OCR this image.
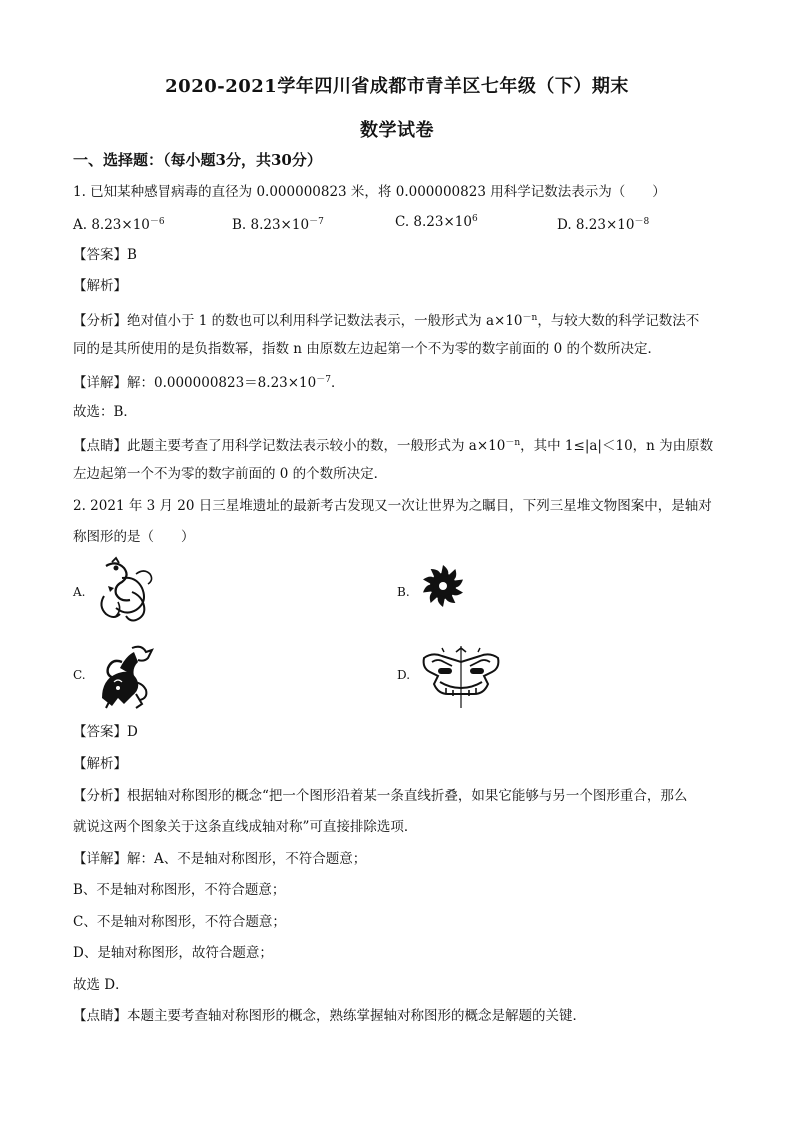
2020-2021学年四川省成都市青羊区七年级（下）期末
数学试卷
一、选择题：（每小题3分，共30分）
1. 已知某种感冒病毒的直径为 0.000000823 米，将 0.000000823 用科学记数法表示为（　　）
A. $8.23\times 10^{-6}$	B. $8.23\times 10^{-7}$	C. $8.23\times 10^6$	D. $8.23\times 10^{-8}$
【答案】B
【解析】
【分析】绝对值小于 1 的数也可以利用科学记数法表示，一般形式为 $a\times 10^{-n}$，与较大数的科学记数法不
同的是其所使用的是负指数幂，指数 n 由原数左边起第一个不为零的数字前面的 0 的个数所决定．
【详解】解：$0.000000823=8.23\times 10^{-7}$．
故选：B．
【点睛】此题主要考查了用科学记数法表示较小的数，一般形式为 $a\times 10^{-n}$，其中 1≤|a|＜10，n 为由原数
左边起第一个不为零的数字前面的 0 的个数所决定．
2. 2021 年 3 月 20 日三星堆遗址的最新考古发现又一次让世界为之瞩目，下列三星堆文物图案中，是轴对
称图形的是（　　）
A.	B.
C.	D.
【答案】D
【解析】
【分析】根据轴对称图形的概念“把一个图形沿着某一条直线折叠，如果它能够与另一个图形重合，那么
就说这两个图象关于这条直线成轴对称”可直接排除选项．
【详解】解：A、不是轴对称图形，不符合题意；
B、不是轴对称图形，不符合题意；
C、不是轴对称图形，不符合题意；
D、是轴对称图形，故符合题意；
故选 D．
【点睛】本题主要考查轴对称图形的概念，熟练掌握轴对称图形的概念是解题的关键．
